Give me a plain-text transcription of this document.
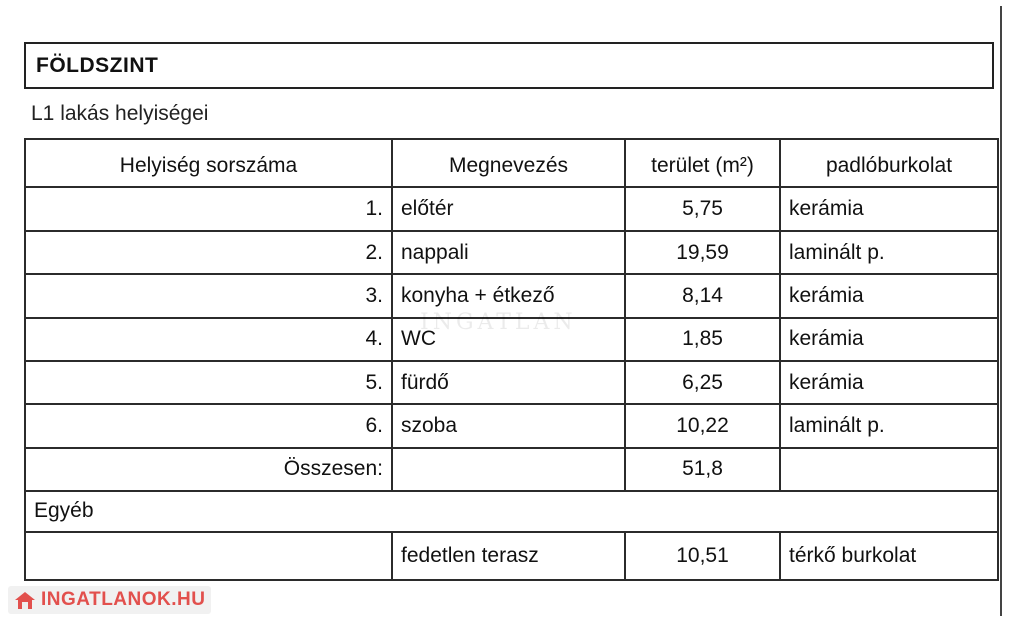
FÖLDSZINT
L1 lakás helyiségei
Helyiség sorszáma	Megnevezés	terület (m²)	padlóburkolat
1.	előtér	5,75	kerámia
2.	nappali	19,59	laminált p.
3.	konyha + étkező	8,14	kerámia
4.	WC	1,85	kerámia
5.	fürdő	6,25	kerámia
6.	szoba	10,22	laminált p.
Összesen:		51,8	
Egyéb			
	fedetlen terasz	10,51	térkő burkolat
INGATLAN
INGATLANOK.HU
